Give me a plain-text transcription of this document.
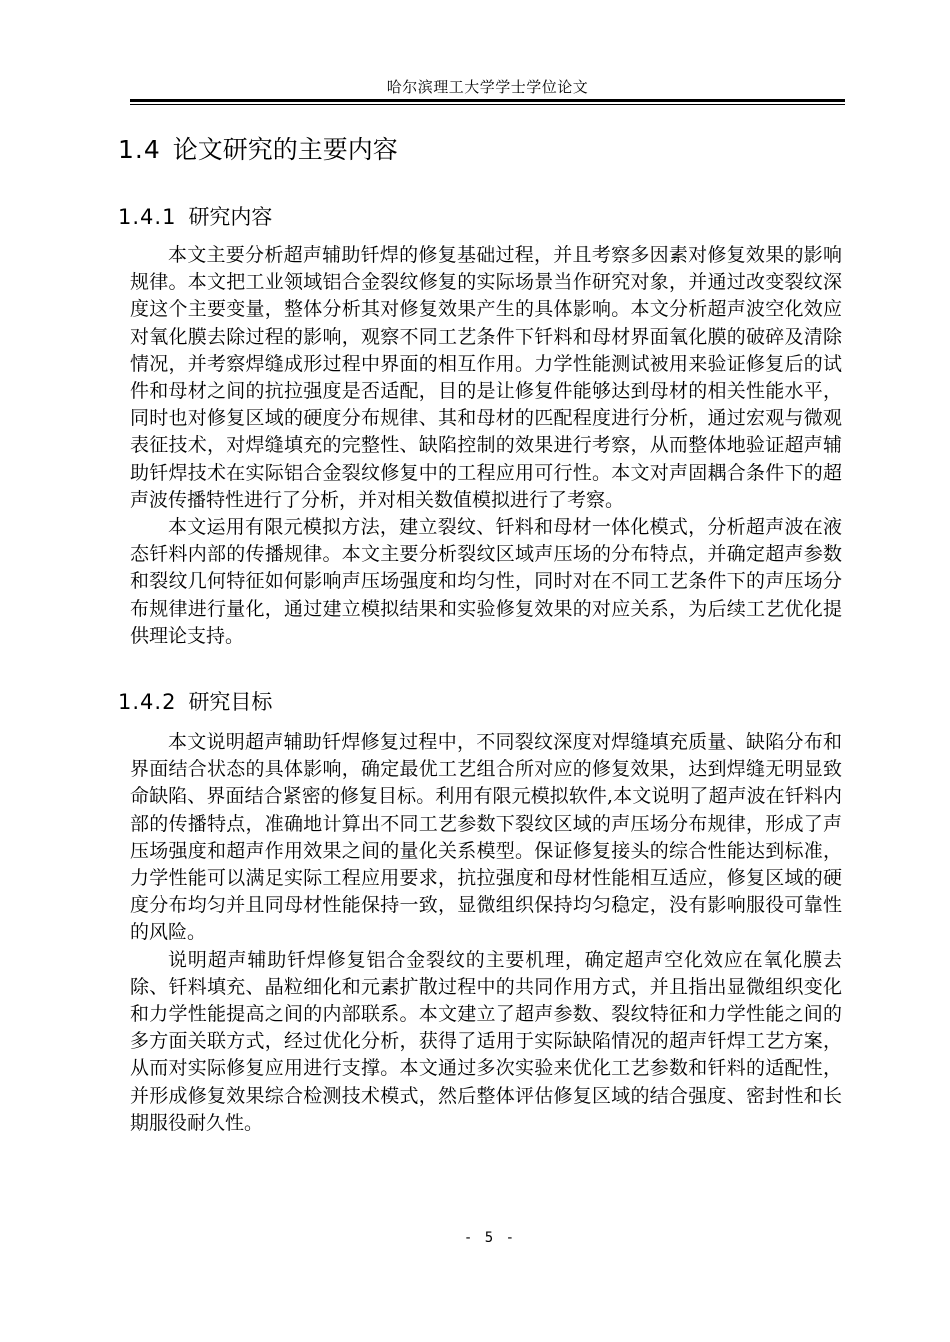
哈尔滨理工大学学士学位论文
1.4 论文研究的主要内容
1.4.1 研究内容

本文主要分析超声辅助钎焊的修复基础过程，并且考察多因素对修复效果的影响规律。本文把工业领域铝合金裂纹修复的实际场景当作研究对象，并通过改变裂纹深度这个主要变量，整体分析其对修复效果产生的具体影响。本文分析超声波空化效应对氧化膜去除过程的影响，观察不同工艺条件下钎料和母材界面氧化膜的破碎及清除情况，并考察焊缝成形过程中界面的相互作用。力学性能测试被用来验证修复后的试件和母材之间的抗拉强度是否适配，目的是让修复件能够达到母材的相关性能水平，同时也对修复区域的硬度分布规律、其和母材的匹配程度进行分析，通过宏观与微观表征技术，对焊缝填充的完整性、缺陷控制的效果进行考察，从而整体地验证超声辅助钎焊技术在实际铝合金裂纹修复中的工程应用可行性。本文对声固耦合条件下的超声波传播特性进行了分析，并对相关数值模拟进行了考察。

本文运用有限元模拟方法，建立裂纹、钎料和母材一体化模式，分析超声波在液态钎料内部的传播规律。本文主要分析裂纹区域声压场的分布特点，并确定超声参数和裂纹几何特征如何影响声压场强度和均匀性，同时对在不同工艺条件下的声压场分布规律进行量化，通过建立模拟结果和实验修复效果的对应关系，为后续工艺优化提供理论支持。

1.4.2 研究目标

本文说明超声辅助钎焊修复过程中，不同裂纹深度对焊缝填充质量、缺陷分布和界面结合状态的具体影响，确定最优工艺组合所对应的修复效果，达到焊缝无明显致命缺陷、界面结合紧密的修复目标。利用有限元模拟软件,本文说明了超声波在钎料内部的传播特点，准确地计算出不同工艺参数下裂纹区域的声压场分布规律，形成了声压场强度和超声作用效果之间的量化关系模型。保证修复接头的综合性能达到标准，力学性能可以满足实际工程应用要求，抗拉强度和母材性能相互适应，修复区域的硬度分布均匀并且同母材性能保持一致，显微组织保持均匀稳定，没有影响服役可靠性的风险。

说明超声辅助钎焊修复铝合金裂纹的主要机理，确定超声空化效应在氧化膜去除、钎料填充、晶粒细化和元素扩散过程中的共同作用方式，并且指出显微组织变化和力学性能提高之间的内部联系。本文建立了超声参数、裂纹特征和力学性能之间的多方面关联方式，经过优化分析，获得了适用于实际缺陷情况的超声钎焊工艺方案，从而对实际修复应用进行支撑。本文通过多次实验来优化工艺参数和钎料的适配性，并形成修复效果综合检测技术模式，然后整体评估修复区域的结合强度、密封性和长期服役耐久性。

- 5 -
